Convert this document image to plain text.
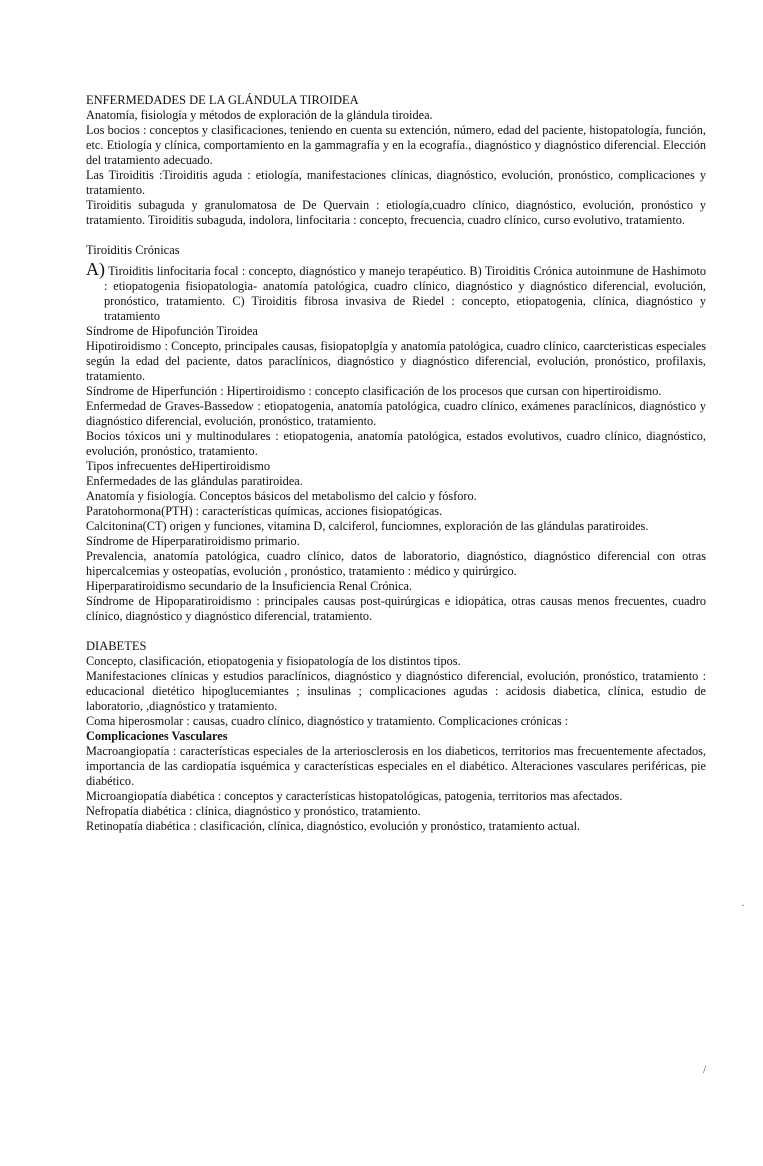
ENFERMEDADES DE LA GLÁNDULA TIROIDEA

Anatomía, fisiología y métodos de exploración de la glándula tiroidea.

Los bocios : conceptos y clasificaciones, teniendo en cuenta su extención, número, edad del paciente, histopatología, función, etc. Etiología y clínica, comportamiento en la gammagrafía y en la ecografía., diagnóstico y diagnóstico diferencial. Elección del tratamiento adecuado.

Las Tiroiditis :Tiroiditis aguda : etiología, manifestaciones clínicas, diagnóstico, evolución, pronóstico, complicaciones y tratamiento.

Tiroiditis subaguda y granulomatosa de De Quervain : etiología,cuadro clínico, diagnóstico, evolución, pronóstico y tratamiento. Tiroiditis subaguda, indolora, linfocitaria : concepto, frecuencia, cuadro clínico, curso evolutivo, tratamiento.

Tiroiditis Crónicas

A) Tiroiditis linfocitaria focal : concepto, diagnóstico y manejo terapéutico. B) Tiroiditis Crónica autoinmune de Hashimoto : etiopatogenia fisiopatologia- anatomía patológica, cuadro clínico, diagnóstico y diagnóstico diferencial, evolución, pronóstico, tratamiento. C) Tiroiditis fibrosa invasiva de Riedel : concepto, etiopatogenia, clínica, diagnóstico y tratamiento

Síndrome de Hipofunción Tiroidea

Hipotiroidismo : Concepto, principales causas, fisiopatoplgía y anatomía patológica, cuadro clínico, caarcteristicas especiales según la edad del paciente, datos paraclínicos, diagnóstico y diagnóstico diferencial, evolución, pronóstico, profilaxis, tratamiento.

Síndrome de Hiperfunción : Hipertiroidismo : concepto clasificación de los procesos que cursan con hipertiroidismo.

Enfermedad de Graves-Bassedow : etiopatogenia, anatomía patológica, cuadro clínico, exámenes paraclínicos, diagnóstico y diagnóstico diferencial, evolución, pronóstico, tratamiento.

Bocios tóxicos uni y multinodulares : etiopatogenia, anatomía patológica, estados evolutivos, cuadro clínico, diagnóstico, evolución, pronóstico, tratamiento.

Tipos infrecuentes deHipertiroidismo

Enfermedades de las glándulas paratiroidea.

Anatomía y fisiología. Conceptos básicos del metabolismo del calcio y fósforo.

Paratohormona(PTH) : características químicas, acciones fisiopatógicas.

Calcitonina(CT) origen y funciones, vitamina D, calciferol, funciomnes, exploración de las glándulas paratiroides.

Síndrome de Hiperparatiroidismo primario.

Prevalencia, anatomía patológica, cuadro clínico, datos de laboratorio, diagnóstico, diagnóstico diferencial con otras hipercalcemias y osteopatías, evolución , pronóstico, tratamiento : médico y quirúrgico.

Hiperparatiroidismo secundario de la Insuficiencia Renal Crónica.

Síndrome de Hipoparatiroidismo : principales causas post-quirúrgicas e idiopática, otras causas menos frecuentes, cuadro clínico, diagnóstico y diagnóstico diferencial, tratamiento.

DIABETES

Concepto, clasificación, etiopatogenia y fisiopatología de los distintos tipos.

Manifestaciones clínicas y estudios paraclínicos, diagnóstico y diagnóstico diferencial, evolución, pronóstico, tratamiento : educacional dietético hipoglucemiantes ; insulinas ; complicaciones agudas : acidosis diabetica, clínica, estudio de laboratorio, ,diagnóstico y tratamiento.

Coma hiperosmolar : causas, cuadro clínico, diagnóstico y tratamiento. Complicaciones crónicas :

Complicaciones Vasculares

Macroangiopatía : características especiales de la arteriosclerosis en los diabeticos, territorios mas frecuentemente afectados, importancia de las cardiopatía isquémica y características especiales en el diabético. Alteraciones vasculares periféricas, pie diabético.

Microangiopatía diabética : conceptos y características histopatológicas, patogenia, territorios mas afectados.

Nefropatía diabética : clínica, diagnóstico y pronóstico, tratamiento.

Retinopatía diabética : clasificación, clínica, diagnóstico, evolución y pronóstico, tratamiento actual.

·
/
